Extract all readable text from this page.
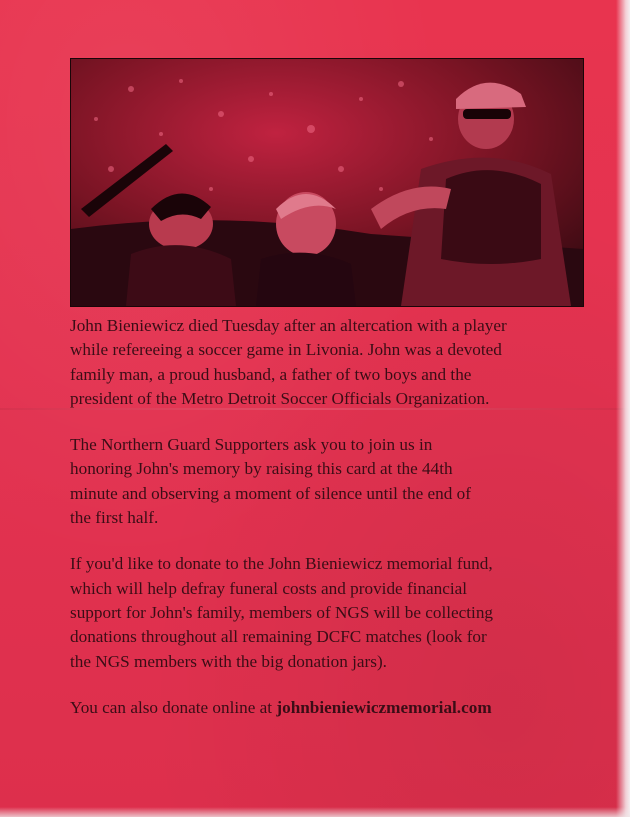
John Bieniewicz died Tuesday after an altercation with a player
while refereeing a soccer game in Livonia. John was a devoted
family man, a proud husband, a father of two boys and the
president of the Metro Detroit Soccer Officials Organization.

The Northern Guard Supporters ask you to join us in
honoring John's memory by raising this card at the 44th
minute and observing a moment of silence until the end of
the first half.

If you'd like to donate to the John Bieniewicz memorial fund,
which will help defray funeral costs and provide financial
support for John's family, members of NGS will be collecting
donations throughout all remaining DCFC matches (look for
the NGS members with the big donation jars).

You can also donate online at johnbieniewiczmemorial.com
